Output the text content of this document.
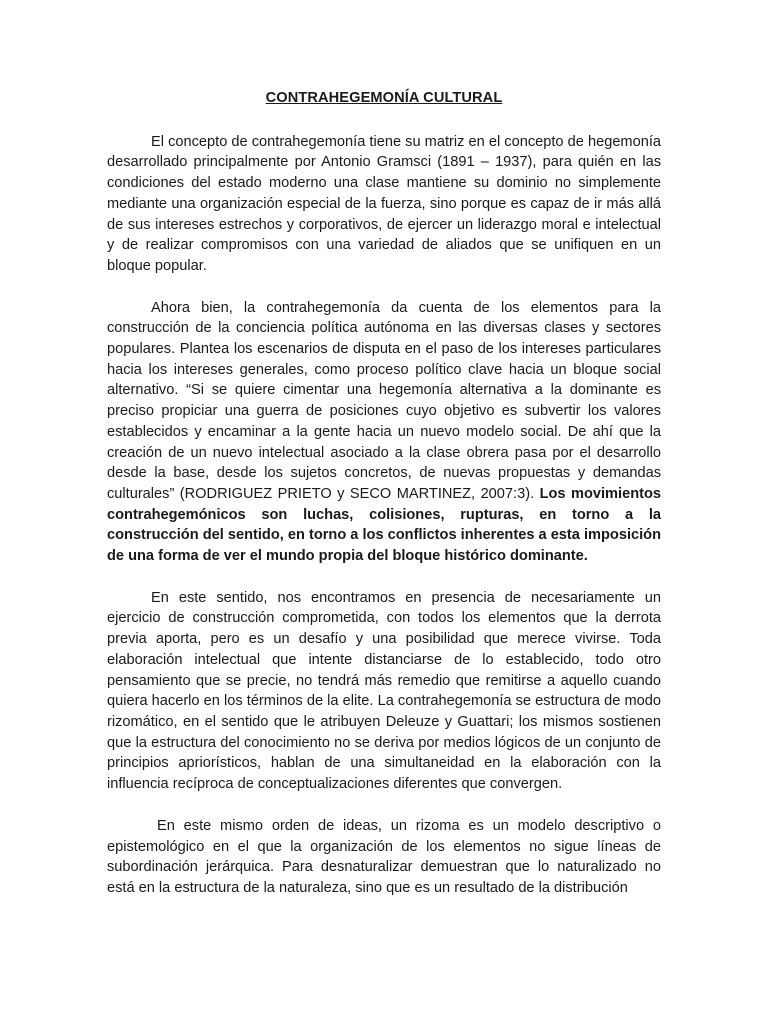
CONTRAHEGEMONÍA CULTURAL

El concepto de contrahegemonía tiene su matriz en el concepto de hegemonía desarrollado principalmente por Antonio Gramsci (1891 – 1937), para quién en las condiciones del estado moderno una clase mantiene su dominio no simplemente mediante una organización especial de la fuerza, sino porque es capaz de ir más allá de sus intereses estrechos y corporativos, de ejercer un liderazgo moral e intelectual y de realizar compromisos con una variedad de aliados que se unifiquen en un bloque popular.

Ahora bien, la contrahegemonía da cuenta de los elementos para la construcción de la conciencia política autónoma en las diversas clases y sectores populares. Plantea los escenarios de disputa en el paso de los intereses particulares hacia los intereses generales, como proceso político clave hacia un bloque social alternativo. “Si se quiere cimentar una hegemonía alternativa a la dominante es preciso propiciar una guerra de posiciones cuyo objetivo es subvertir los valores establecidos y encaminar a la gente hacia un nuevo modelo social. De ahí que la creación de un nuevo intelectual asociado a la clase obrera pasa por el desarrollo desde la base, desde los sujetos concretos, de nuevas propuestas y demandas culturales” (RODRIGUEZ PRIETO y SECO MARTINEZ, 2007:3). Los movimientos contrahegemónicos son luchas, colisiones, rupturas, en torno a la construcción del sentido, en torno a los conflictos inherentes a esta imposición de una forma de ver el mundo propia del bloque histórico dominante.

En este sentido, nos encontramos en presencia de necesariamente un ejercicio de construcción comprometida, con todos los elementos que la derrota previa aporta, pero es un desafío y una posibilidad que merece vivirse. Toda elaboración intelectual que intente distanciarse de lo establecido, todo otro pensamiento que se precie, no tendrá más remedio que remitirse a aquello cuando quiera hacerlo en los términos de la elite. La contrahegemonía se estructura de modo rizomático, en el sentido que le atribuyen Deleuze y Guattari; los mismos sostienen que la estructura del conocimiento no se deriva por medios lógicos de un conjunto de principios apriorísticos, hablan de una simultaneidad en la elaboración con la influencia recíproca de conceptualizaciones diferentes que convergen.

En este mismo orden de ideas, un rizoma es un modelo descriptivo o epistemológico en el que la organización de los elementos no sigue líneas de subordinación jerárquica. Para desnaturalizar demuestran que lo naturalizado no está en la estructura de la naturaleza, sino que es un resultado de la distribución
